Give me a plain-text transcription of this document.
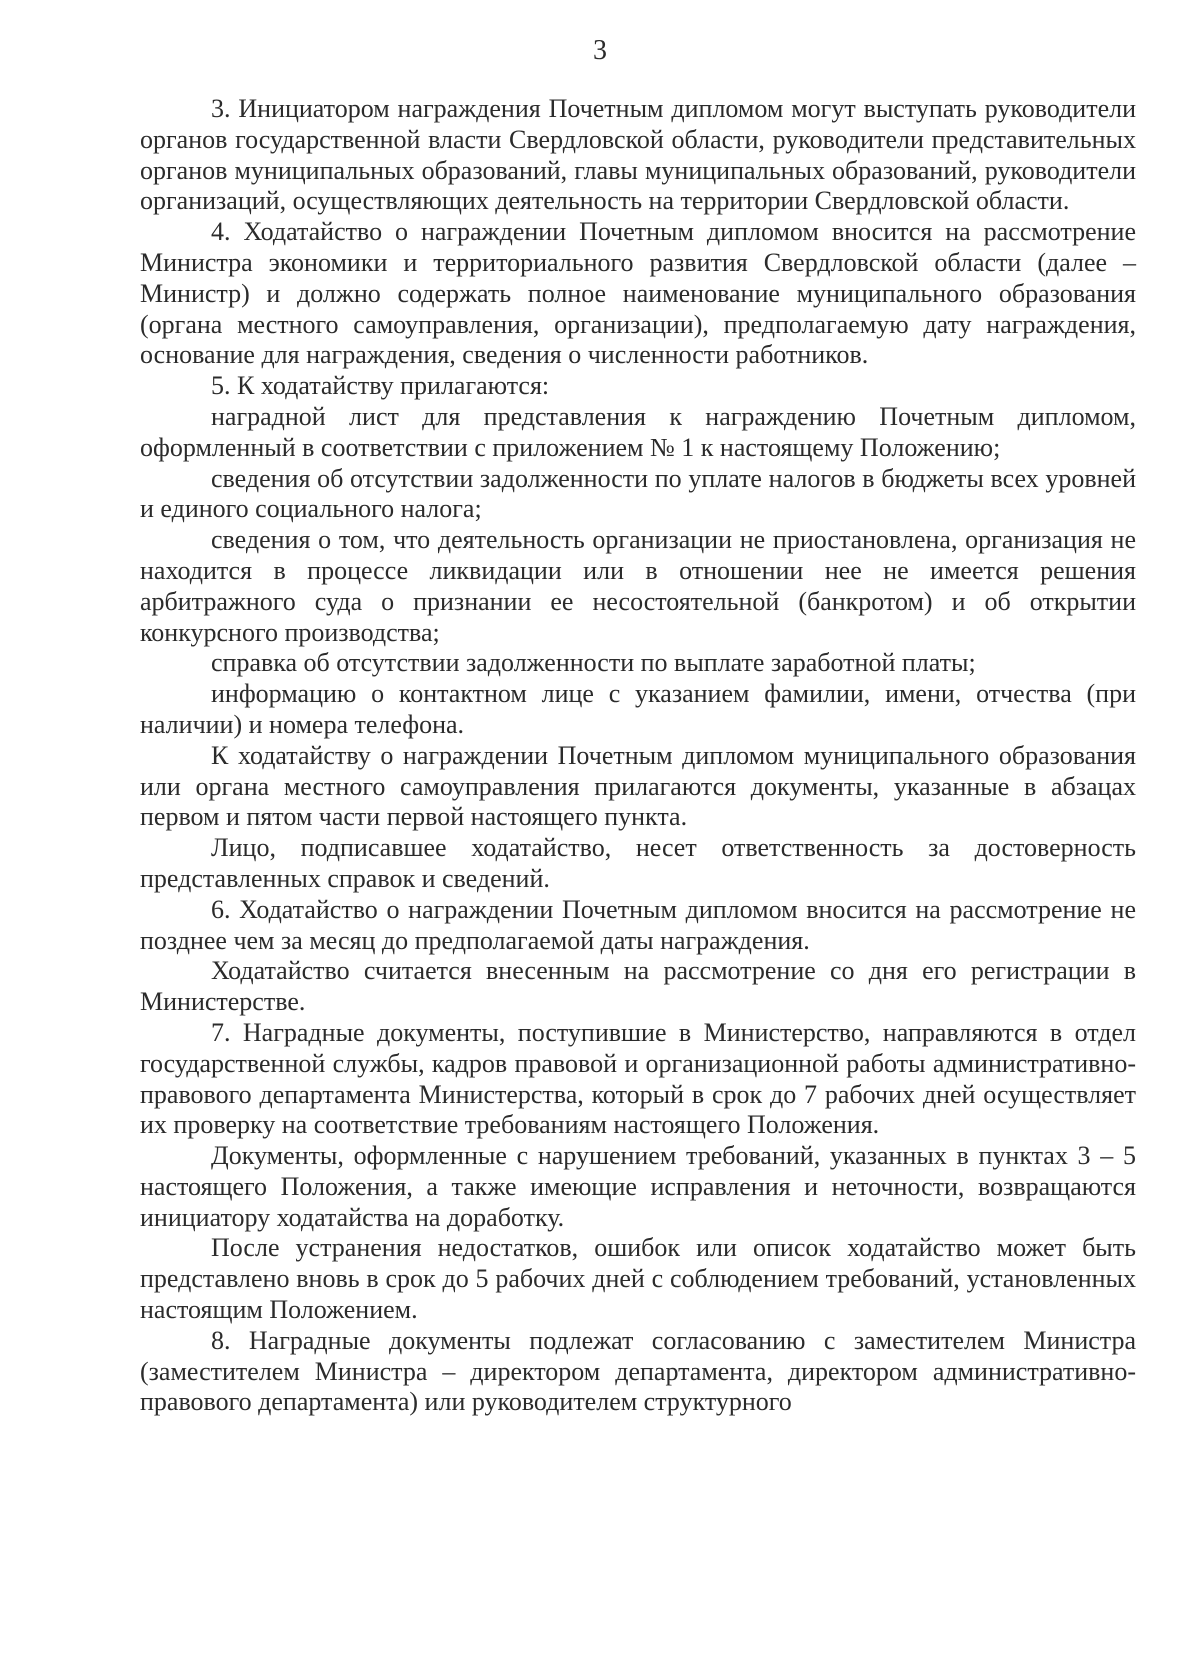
3

3. Инициатором награждения Почетным дипломом могут выступать руководители органов государственной власти Свердловской области, руководители представительных органов муниципальных образований, главы муниципальных образований, руководители организаций, осуществляющих деятельность на территории Свердловской области.

4. Ходатайство о награждении Почетным дипломом вносится на рассмотрение Министра экономики и территориального развития Свердловской области (далее – Министр) и должно содержать полное наименование муниципального образования (органа местного самоуправления, организации), предполагаемую дату награждения, основание для награждения, сведения о численности работников.

5. К ходатайству прилагаются:

наградной лист для представления к награждению Почетным дипломом, оформленный в соответствии с приложением № 1 к настоящему Положению;

сведения об отсутствии задолженности по уплате налогов в бюджеты всех уровней и единого социального налога;

сведения о том, что деятельность организации не приостановлена, организация не находится в процессе ликвидации или в отношении нее не имеется решения арбитражного суда о признании ее несостоятельной (банкротом) и об открытии конкурсного производства;

справка об отсутствии задолженности по выплате заработной платы;

информацию о контактном лице с указанием фамилии, имени, отчества (при наличии) и номера телефона.

К ходатайству о награждении Почетным дипломом муниципального образования или органа местного самоуправления прилагаются документы, указанные в абзацах первом и пятом части первой настоящего пункта.

Лицо, подписавшее ходатайство, несет ответственность за достоверность представленных справок и сведений.

6. Ходатайство о награждении Почетным дипломом вносится на рассмотрение не позднее чем за месяц до предполагаемой даты награждения.

Ходатайство считается внесенным на рассмотрение со дня его регистрации в Министерстве.

7. Наградные документы, поступившие в Министерство, направляются в отдел государственной службы, кадров правовой и организационной работы административно-правового департамента Министерства, который в срок до 7 рабочих дней осуществляет их проверку на соответствие требованиям настоящего Положения.

Документы, оформленные с нарушением требований, указанных в пунктах 3 – 5 настоящего Положения, а также имеющие исправления и неточности, возвращаются инициатору ходатайства на доработку.

После устранения недостатков, ошибок или описок ходатайство может быть представлено вновь в срок до 5 рабочих дней с соблюдением требований, установленных настоящим Положением.

8. Наградные документы подлежат согласованию с заместителем Министра (заместителем Министра – директором департамента, директором административно-правового департамента) или руководителем структурного
